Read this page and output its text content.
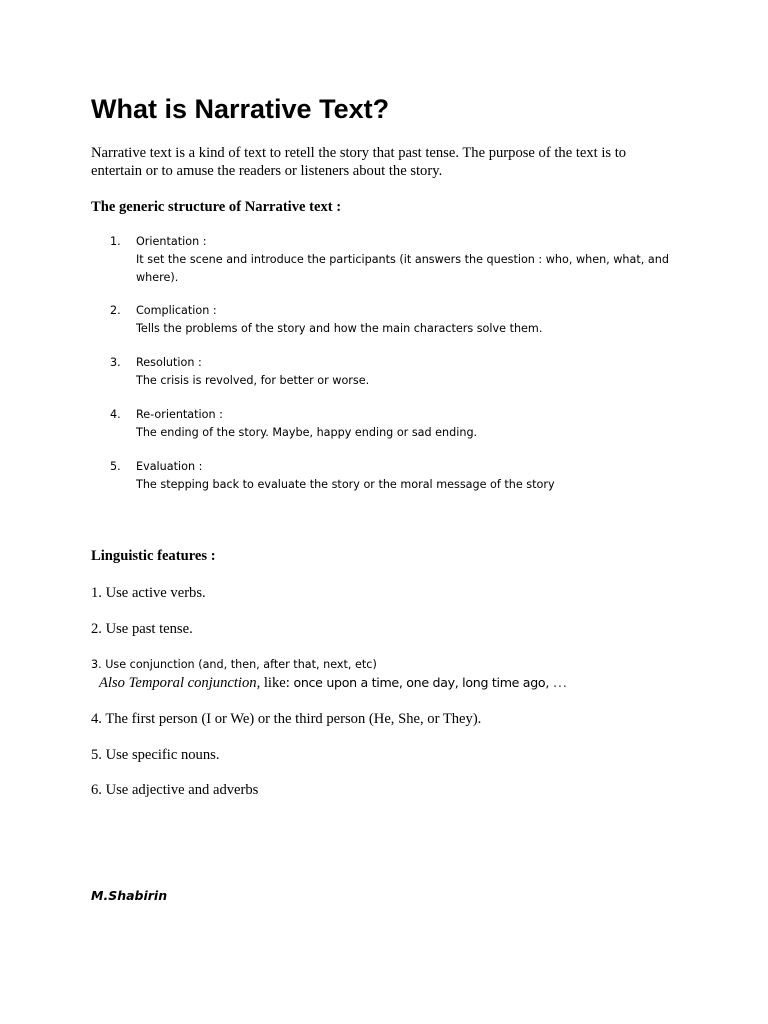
What is Narrative Text?

Narrative text is a kind of text to retell the story that past tense. The purpose of the text is to
entertain or to amuse the readers or listeners about the story.

The generic structure of Narrative text :

1. Orientation :
It set the scene and introduce the participants (it answers the question : who, when, what, and
where).
2. Complication :
Tells the problems of the story and how the main characters solve them.
3. Resolution :
The crisis is revolved, for better or worse.
4. Re-orientation :
The ending of the story. Maybe, happy ending or sad ending.
5. Evaluation :
The stepping back to evaluate the story or the moral message of the story

Linguistic features :

1. Use active verbs.

2. Use past tense.

3. Use conjunction (and, then, after that, next, etc)

Also Temporal conjunction, like: once upon a time, one day, long time ago, …

4. The first person (I or We) or the third person (He, She, or They).

5. Use specific nouns.

6. Use adjective and adverbs

M.Shabirin
